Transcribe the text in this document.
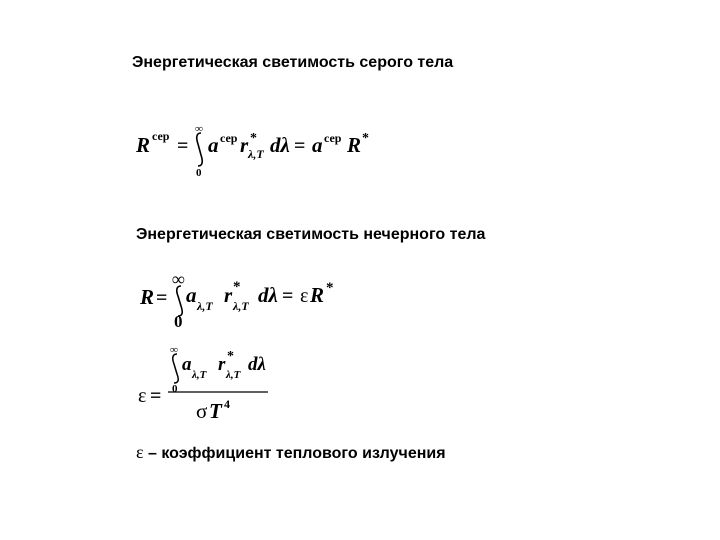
Энергетическая светимость серого тела
R сер =
∞
0
a сер r *
λ,T dλ = a сер R *
Энергетическая светимость нечерного тела
R =
∞
0
a λ,T r *
λ,T dλ = ε R *
ε =
∞
0
a λ,T r *
λ,T dλ
σ T 4
ε – коэффициент теплового излучения
